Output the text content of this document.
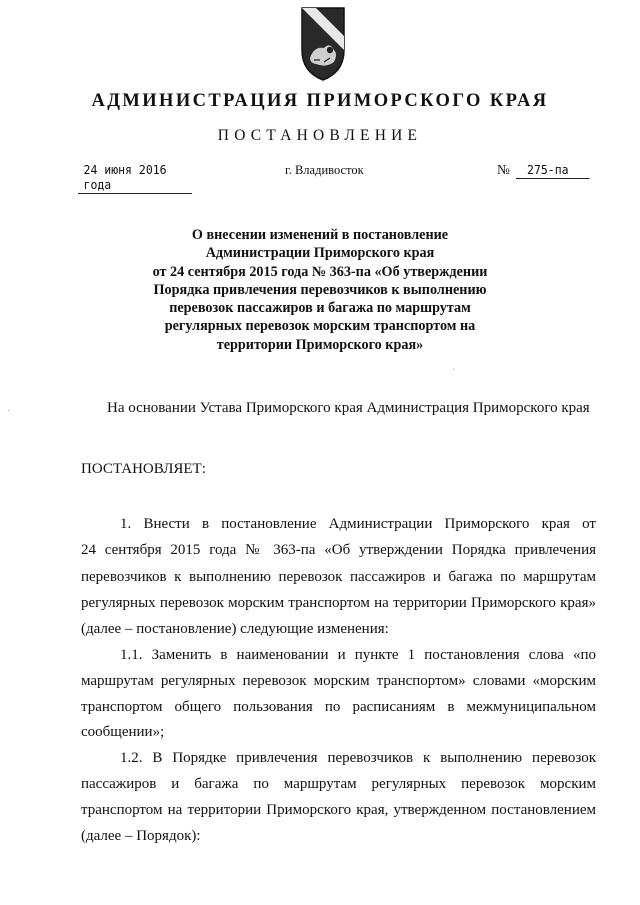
АДМИНИСТРАЦИЯ ПРИМОРСКОГО КРАЯ
ПОСТАНОВЛЕНИЕ
24 июня 2016 года
г. Владивосток	№	275-па
О внесении изменений в постановление
Администрации Приморского края
от 24 сентября 2015 года № 363-па «Об утверждении
Порядка привлечения перевозчиков к выполнению
перевозок пассажиров и багажа по маршрутам
регулярных перевозок морским транспортом на
территории Приморского края»
На основании Устава Приморского края Администрация Приморского края
ПОСТАНОВЛЯЕТ:
1. Внести в постановление Администрации Приморского края от
24 сентября 2015 года № 363-па «Об утверждении Порядка привлечения
перевозчиков к выполнению перевозок пассажиров и багажа по маршрутам
регулярных перевозок морским транспортом на территории Приморского края»
(далее – постановление) следующие изменения:
1.1. Заменить в наименовании и пункте 1 постановления слова «по
маршрутам регулярных перевозок морским транспортом» словами «морским
транспортом общего пользования по расписаниям в межмуниципальном
сообщении»;
1.2. В Порядке привлечения перевозчиков к выполнению перевозок
пассажиров и багажа по маршрутам регулярных перевозок морским
транспортом на территории Приморского края, утвержденном постановлением
(далее – Порядок):
